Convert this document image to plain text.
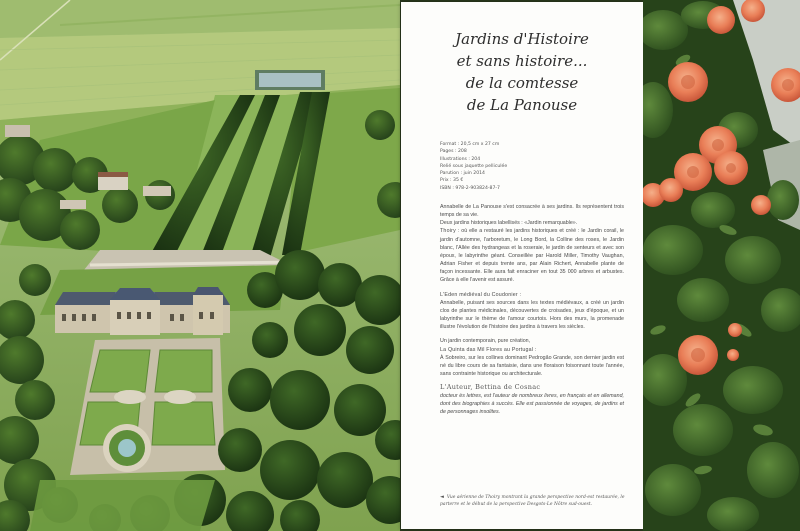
Jardins d'Histoire
et sans histoire...
de la comtesse
de La Panouse
Format : 20,5 cm x 27 cm
Pages : 208
Illustrations : 204
Relié sous jaquette pelliculée
Parution : juin 2014
Prix : 35 €
ISBN : 978-2-903824-87-7

Annabelle de La Panouse s'est consacrée à ses jardins. Ils représentent trois temps de sa vie.

Deux jardins historiques labellisés : «Jardin remarquable».

Thoiry : où elle a restauré les jardins historiques et créé : le Jardin corail, le jardin d'automne, l'arboretum, le Long Bord, la Colline des roses, le Jardin blanc, l'Allée des hydrangeas et la roseraie, le jardin de senteurs et avec son époux, le labyrinthe géant. Conseillée par Harold Miller, Timothy Vaughan, Adrian Fisher et depuis trente ans, par Alain Richert, Annabelle plante de façon incessante. Elle aura fait enraciner en tout 35 000 arbres et arbustes. Grâce à elle l'avenir est assuré.

L'Eden médiéval du Coudonier :

Annabelle, puisant ses sources dans les textes médiévaux, a créé un jardin clos de plantes médicinales, découvertes de croisades, jeux d'époque, et un labyrinthe sur le thème de l'amour courtois. Hors des murs, la promenade illustre l'évolution de l'histoire des jardins à travers les siècles.

Un jardin contemporain, pure création,

La Quinta das Mil Flores au Portugal :

À Sobreiro, sur les collines dominant Pedrogão Grande, son dernier jardin est né du libre cours de sa fantaisie, dans une floraison foisonnant toute l'année, sans contrainte historique ou architecturale.

L'Auteur, Bettina de Cosnac

docteur ès lettres, est l'auteur de nombreux livres, en français et en allemand, dont des biographies à succès. Elle est passionnée de voyages, de jardins et de personnages insolites.

◄ Vue aérienne de Thoiry montrant la grande perspective nord-est restaurée, le parterre et le début de la perspective Desgots-Le Nôtre sud-ouest.
